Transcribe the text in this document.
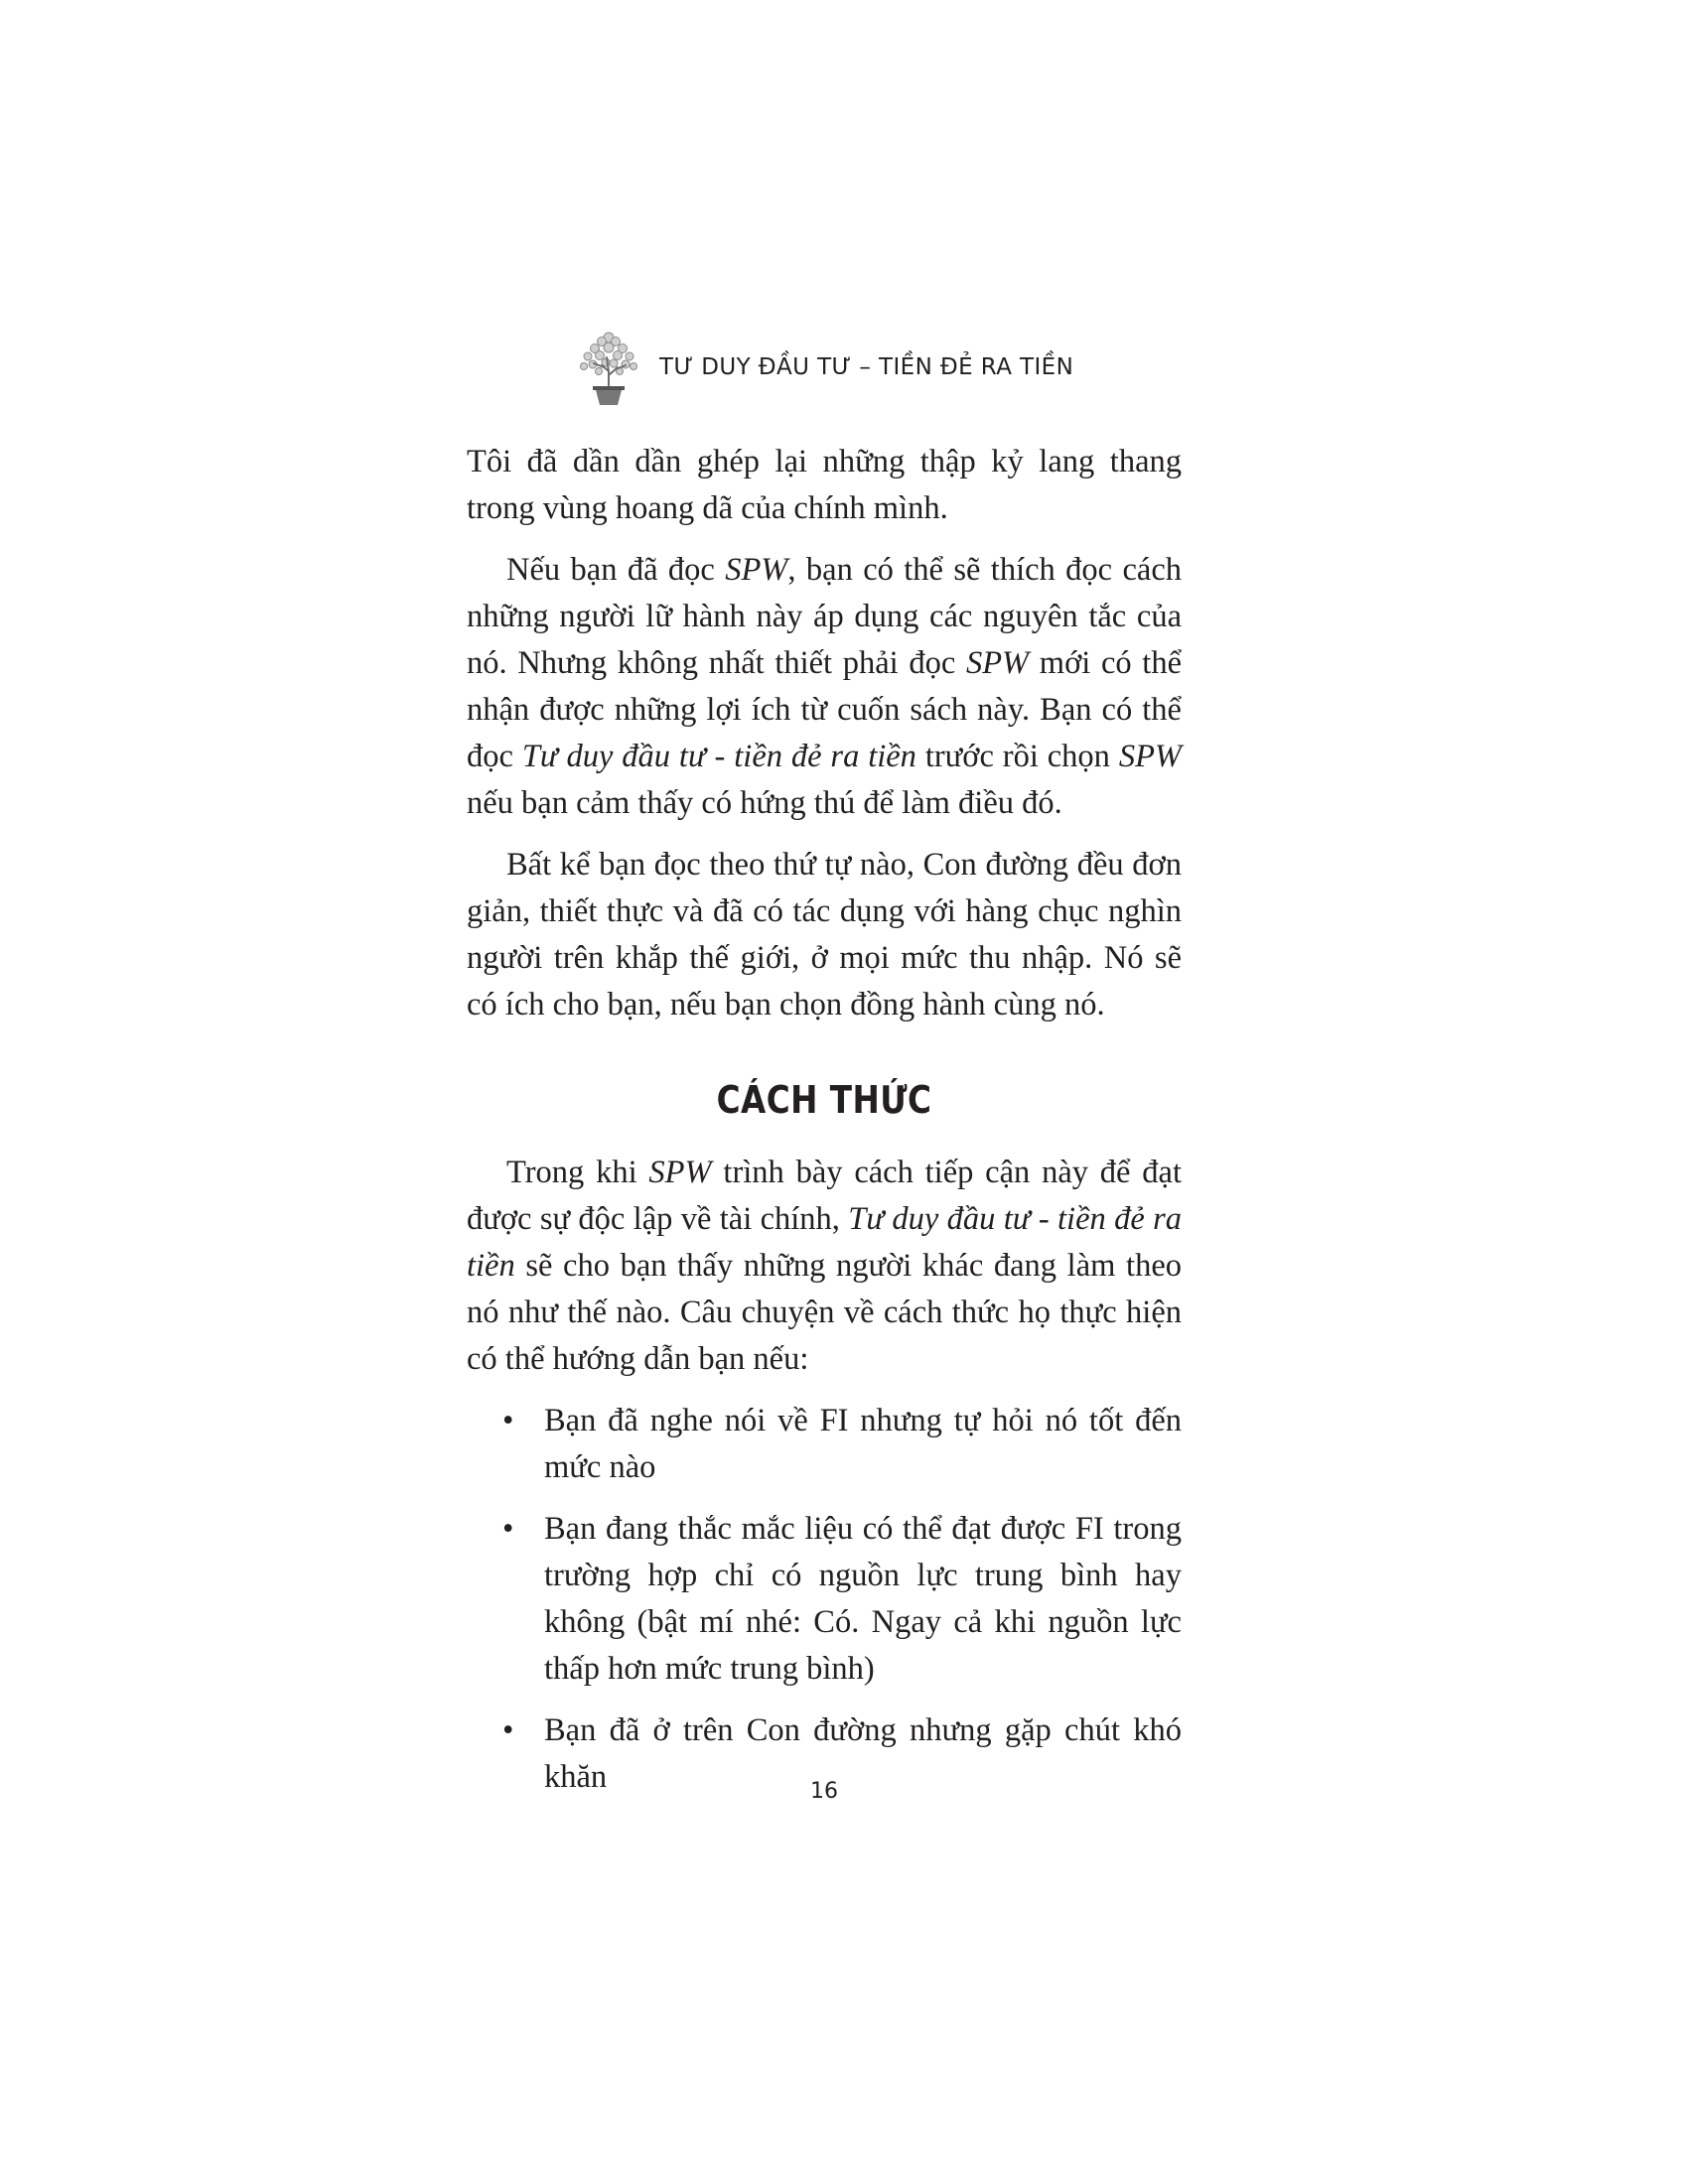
TƯ DUY ĐẦU TƯ – TIỀN ĐẺ RA TIỀN

Tôi đã dần dần ghép lại những thập kỷ lang thang trong vùng hoang dã của chính mình.

Nếu bạn đã đọc SPW, bạn có thể sẽ thích đọc cách những người lữ hành này áp dụng các nguyên tắc của nó. Nhưng không nhất thiết phải đọc SPW mới có thể nhận được những lợi ích từ cuốn sách này. Bạn có thể đọc Tư duy đầu tư - tiền đẻ ra tiền trước rồi chọn SPW nếu bạn cảm thấy có hứng thú để làm điều đó.

Bất kể bạn đọc theo thứ tự nào, Con đường đều đơn giản, thiết thực và đã có tác dụng với hàng chục nghìn người trên khắp thế giới, ở mọi mức thu nhập. Nó sẽ có ích cho bạn, nếu bạn chọn đồng hành cùng nó.

CÁCH THỨC

Trong khi SPW trình bày cách tiếp cận này để đạt được sự độc lập về tài chính, Tư duy đầu tư - tiền đẻ ra tiền sẽ cho bạn thấy những người khác đang làm theo nó như thế nào. Câu chuyện về cách thức họ thực hiện có thể hướng dẫn bạn nếu:

• Bạn đã nghe nói về FI nhưng tự hỏi nó tốt đến mức nào
• Bạn đang thắc mắc liệu có thể đạt được FI trong trường hợp chỉ có nguồn lực trung bình hay không (bật mí nhé: Có. Ngay cả khi nguồn lực thấp hơn mức trung bình)
• Bạn đã ở trên Con đường nhưng gặp chút khó khăn	16
